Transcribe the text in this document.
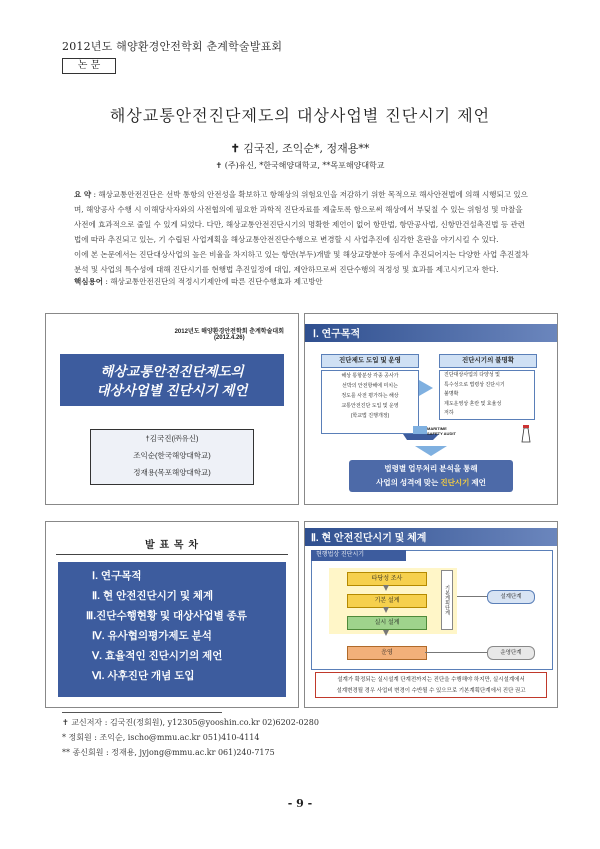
2012년도 해양환경안전학회 춘계학술발표회
논 문
해상교통안전진단제도의 대상사업별 진단시기 제언
✝ 김국진, 조익순*, 정재용**
✝ (주)유신, *한국해양대학교, **목포해양대학교

요 약 : 해상교통안전진단은 선박 통항의 안전성을 확보하고 항해상의 위험요인을 저감하기 위한 목적으로 해사안전법에 의해 시행되고 있으며, 해양공사 수행 시 이해당사자와의 사전협의에 필요한 과학적 진단자료를 제출토록 함으로써 해상에서 부딪칠 수 있는 위험성 및 마찰을 사전에 효과적으로 줄일 수 있게 되었다. 다만, 해상교통안전진단시기의 명확한 제언이 없어 항만법, 항만공사법, 신항만건설촉진법 등 관련법에 따라 추진되고 있는, 기 수립된 사업계획을 해상교통안전진단수행으로 변경할 시 사업추진에 심각한 혼란을 야기시킬 수 있다.

이에 본 논문에서는 진단대상사업의 높은 비율을 차지하고 있는 항만(부두)개발 및 해상교량분야 등에서 추진되어지는 다양한 사업 추진절차 분석 및 사업의 특수성에 대해 진단시기를 현행법 추진일정에 대입, 제안하므로써 진단수행의 적정성 및 효과를 제고시키고자 한다.

핵심용어 : 해상교통안전진단의 적정시기제안에 따른 진단수행효과 제고방안
2012년도 해양환경안전학회 춘계학술대회
(2012.4.26)
해상교통안전진단제도의
대상사업별 진단시기 제언
†김국진(㈜유신)
조익순(한국해양대학교)
정재용(목포해양대학교)
Ⅰ. 연구목적
진단제도 도입 및 운영
해상 통항분상 각종 공사가
선박의 안전항해에 미치는
정도를 사전 평가하는 해상
교통안전진단 도입 및 운영
(학교법 진행개정)
진단시기의 불명확
진단대상사업의 다양성 및
특수성으로 법령상 진단시기
불명확
제도운영상 혼란 및 효율성
저하
MARITIME SAFETY AUDIT
법령별 업무처리 분석을 통해
사업의 성격에 맞는 진단시기 제언
발 표 목 차
Ⅰ. 연구목적
Ⅱ. 현 안전진단시기 및 체계
Ⅲ.진단수행현황 및 대상사업별 종류
Ⅳ. 유사협의평가제도 분석
Ⅴ. 효율적인 진단시기의 제언
Ⅵ. 사후진단 개념 도입
Ⅱ. 현 안전진단시기 및 체계
현행법상 진단시기
타당성 조사
기본 설계
실시 설계
운영
기본계획단계	설계단계
운영단계
설계가 확정되는 실시설계 단계전까지는 진단을 수행해야 하지만, 실시설계에서
설계변경될 경우 사업비 변경이 수반될 수 있으므로 기본계획단계에서 진단 권고
✝ 교신저자 : 김국진(정회원), y12305@yooshin.co.kr 02)6202-0280
* 정회원 : 조익순, ischo@mmu.ac.kr 051)410-4114
** 종신회원 : 정재용, jyjong@mmu.ac.kr 061)240-7175
- 9 -
